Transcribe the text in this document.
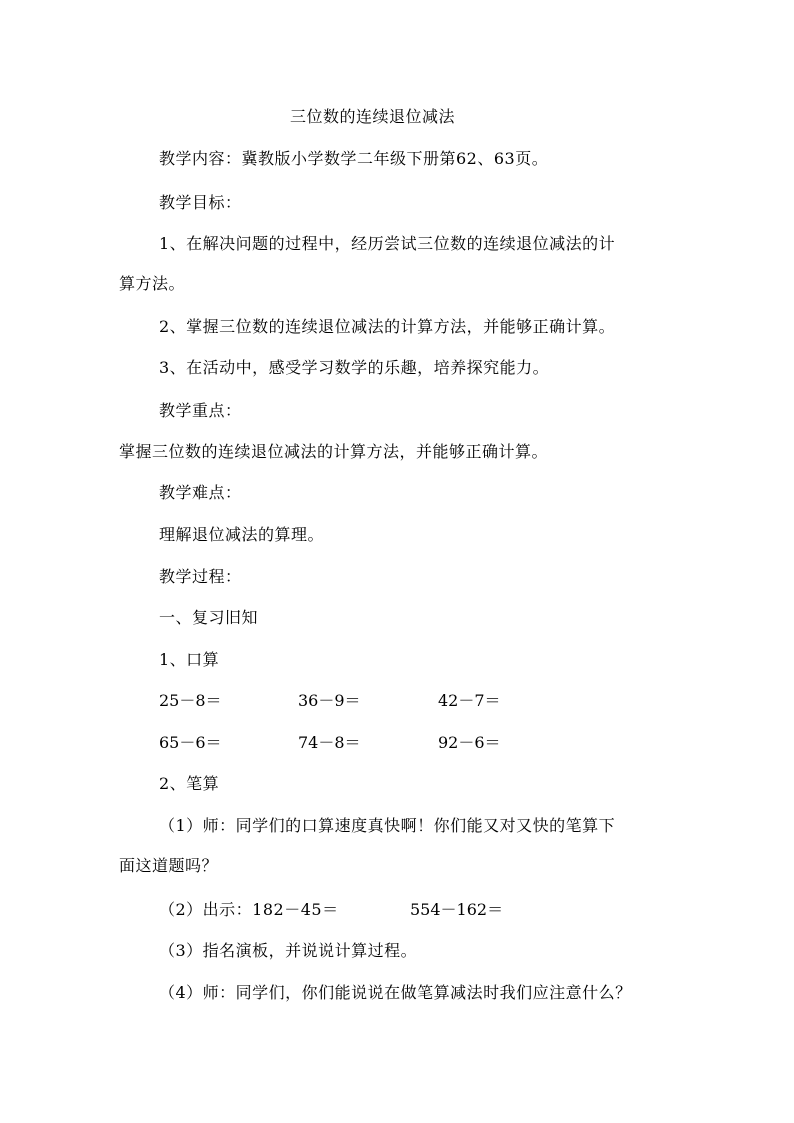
三位数的连续退位减法
教学内容：冀教版小学数学二年级下册第62、63页。
教学目标：
1、在解决问题的过程中，经历尝试三位数的连续退位减法的计
算方法。
2、掌握三位数的连续退位减法的计算方法，并能够正确计算。
3、在活动中，感受学习数学的乐趣，培养探究能力。
教学重点：
掌握三位数的连续退位减法的计算方法，并能够正确计算。
教学难点：
理解退位减法的算理。
教学过程：
一、复习旧知
1、口算
25－8＝	36－9＝	42－7＝
65－6＝	74－8＝	92－6＝
2、笔算
（1）师：同学们的口算速度真快啊！你们能又对又快的笔算下
面这道题吗？
（2）出示：182－45＝	554－162＝
（3）指名演板，并说说计算过程。
（4）师：同学们，你们能说说在做笔算减法时我们应注意什么？
